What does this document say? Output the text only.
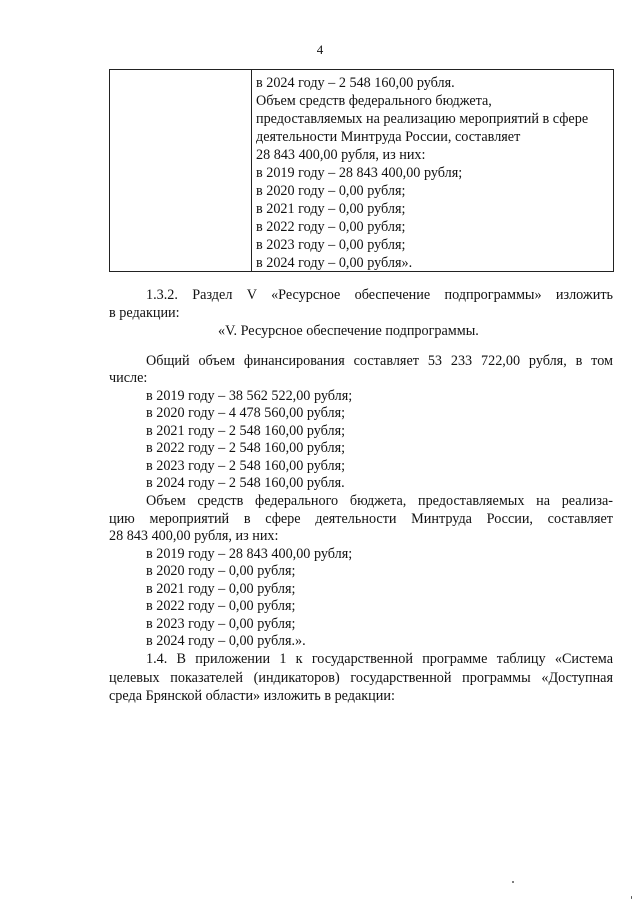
4
в 2024 году – 2 548 160,00 рубля.
Объем средств федерального бюджета,
предоставляемых на реализацию мероприятий в сфере
деятельности Минтруда России, составляет
28 843 400,00 рубля, из них:
в 2019 году – 28 843 400,00 рубля;
в 2020 году – 0,00 рубля;
в 2021 году – 0,00 рубля;
в 2022 году – 0,00 рубля;
в 2023 году – 0,00 рубля;
в 2024 году – 0,00 рубля».
1.3.2. Раздел V «Ресурсное обеспечение подпрограммы» изложить
в редакции:
«V. Ресурсное обеспечение подпрограммы.
Общий объем финансирования составляет 53 233 722,00 рубля, в том
числе:
в 2019 году – 38 562 522,00 рубля;
в 2020 году – 4 478 560,00 рубля;
в 2021 году – 2 548 160,00 рубля;
в 2022 году – 2 548 160,00 рубля;
в 2023 году – 2 548 160,00 рубля;
в 2024 году – 2 548 160,00 рубля.
Объем средств федерального бюджета, предоставляемых на реализа-
цию мероприятий в сфере деятельности Минтруда России, составляет
28 843 400,00 рубля, из них:
в 2019 году – 28 843 400,00 рубля;
в 2020 году – 0,00 рубля;
в 2021 году – 0,00 рубля;
в 2022 году – 0,00 рубля;
в 2023 году – 0,00 рубля;
в 2024 году – 0,00 рубля.».
1.4. В приложении 1 к государственной программе таблицу «Система
целевых показателей (индикаторов) государственной программы «Доступная
среда Брянской области» изложить в редакции:
